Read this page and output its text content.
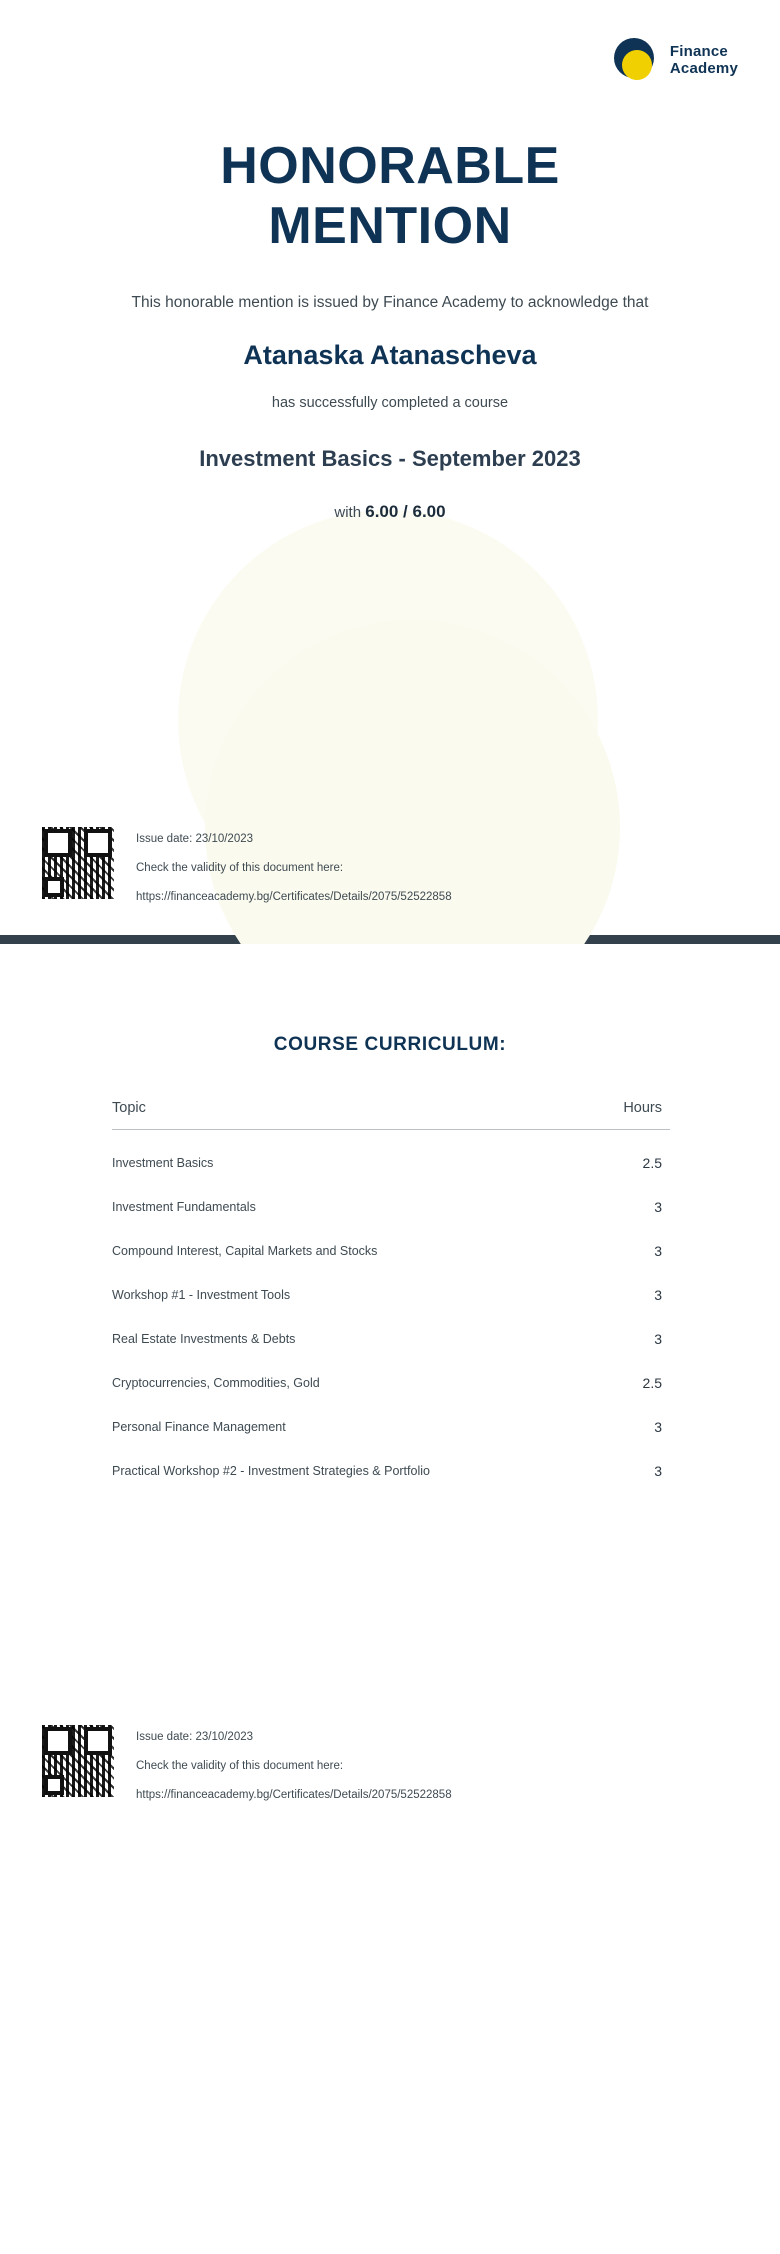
Finance
Academy
HONORABLE
MENTION
This honorable mention is issued by Finance Academy to acknowledge that
Atanaska Atanascheva
has successfully completed a course
Investment Basics - September 2023
with 6.00 / 6.00
Issue date: 23/10/2023
Check the validity of this document here:
https://financeacademy.bg/Certificates/Details/2075/52522858
COURSE CURRICULUM:
Topic	Hours
Investment Basics	2.5
Investment Fundamentals	3
Compound Interest, Capital Markets and Stocks	3
Workshop #1 - Investment Tools	3
Real Estate Investments & Debts	3
Cryptocurrencies, Commodities, Gold	2.5
Personal Finance Management	3
Practical Workshop #2 - Investment Strategies & Portfolio	3
Issue date: 23/10/2023
Check the validity of this document here:
https://financeacademy.bg/Certificates/Details/2075/52522858
